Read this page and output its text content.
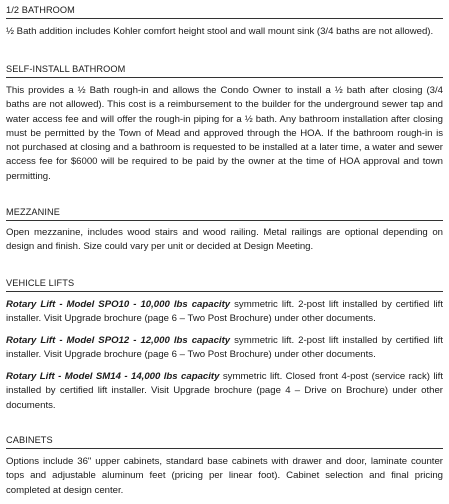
1/2 BATHROOM
½ Bath addition includes Kohler comfort height stool and wall mount sink (3/4 baths are not allowed).
SELF-INSTALL BATHROOM
This provides a ½ Bath rough-in and allows the Condo Owner to install a ½ bath after closing (3/4 baths are not allowed). This cost is a reimbursement to the builder for the underground sewer tap and water access fee and will offer the rough-in piping for a ½ bath. Any bathroom installation after closing must be permitted by the Town of Mead and approved through the HOA. If the bathroom rough-in is not purchased at closing and a bathroom is requested to be installed at a later time, a water and sewer access fee for $6000 will be required to be paid by the owner at the time of HOA approval and town permitting.
MEZZANINE
Open mezzanine, includes wood stairs and wood railing. Metal railings are optional depending on design and finish. Size could vary per unit or decided at Design Meeting.
VEHICLE LIFTS
Rotary Lift - Model SPO10 - 10,000 lbs capacity symmetric lift. 2-post lift installed by certified lift installer. Visit Upgrade brochure (page 6 – Two Post Brochure) under other documents.
Rotary Lift - Model SPO12 - 12,000 lbs capacity symmetric lift. 2-post lift installed by certified lift installer. Visit Upgrade brochure (page 6 – Two Post Brochure) under other documents.
Rotary Lift - Model SM14 - 14,000 lbs capacity symmetric lift. Closed front 4-post (service rack) lift installed by certified lift installer. Visit Upgrade brochure (page 4 – Drive on Brochure) under other documents.
CABINETS
Options include 36" upper cabinets, standard base cabinets with drawer and door, laminate counter tops and adjustable aluminum feet (pricing per linear foot). Cabinet selection and final pricing completed at design center.
